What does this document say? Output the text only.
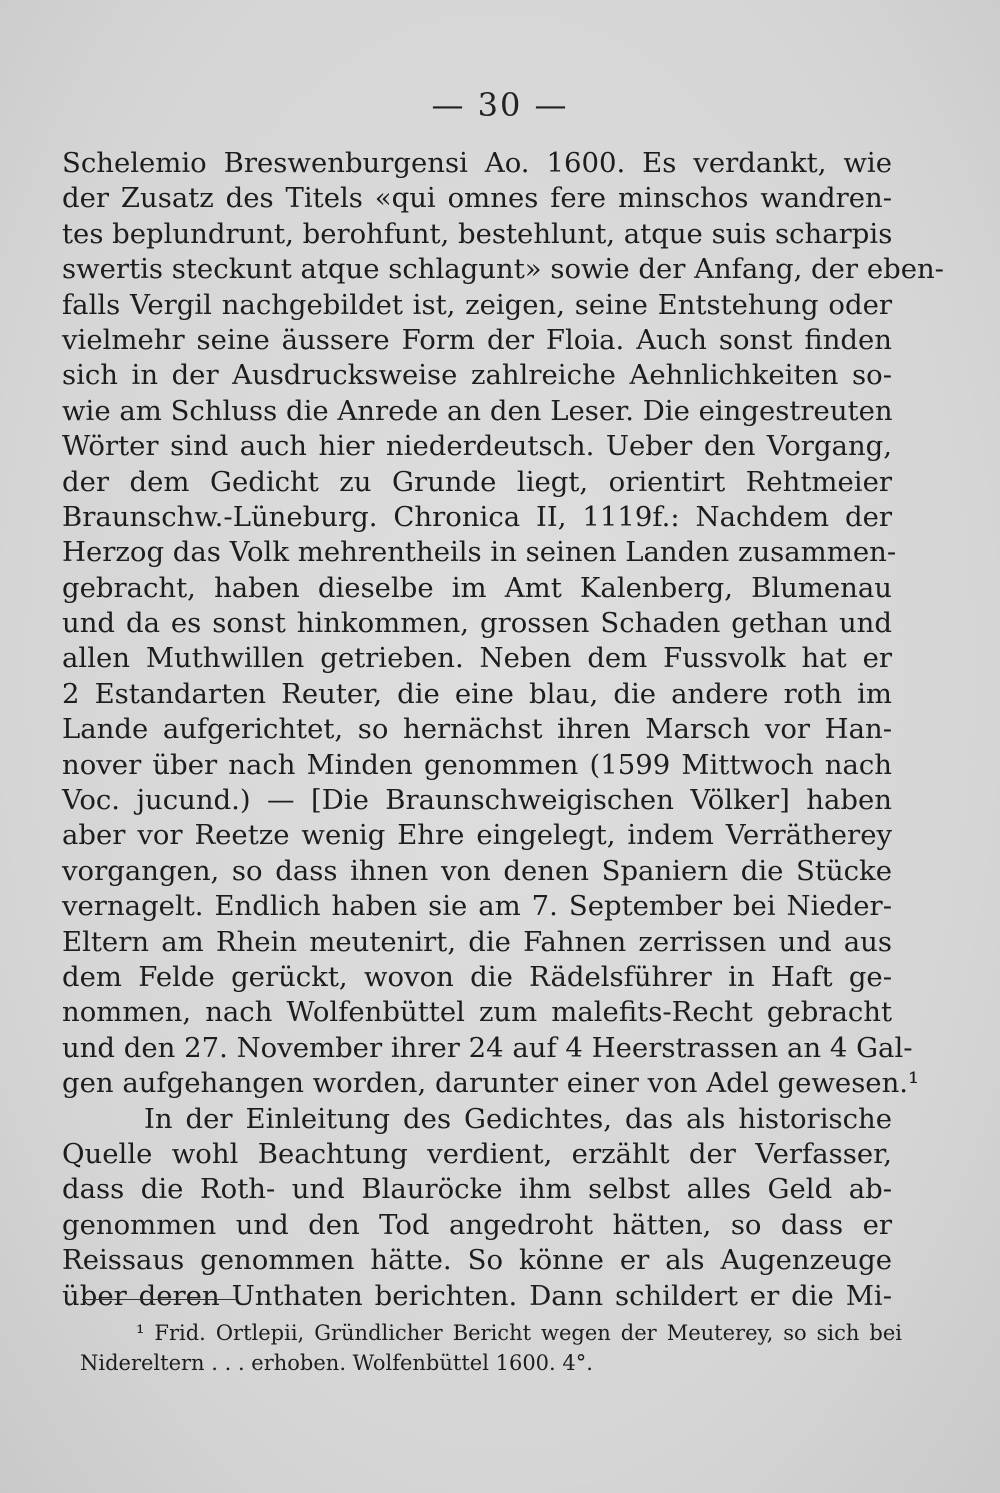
— 30 —
Schelemio Breswenburgensi Ao. 1600. Es verdankt, wie
der Zusatz des Titels «qui omnes fere minschos wandren-
tes beplundrunt, berohfunt, bestehlunt, atque suis scharpis
swertis steckunt atque schlagunt» sowie der Anfang, der eben-
falls Vergil nachgebildet ist, zeigen, seine Entstehung oder
vielmehr seine äussere Form der Floia. Auch sonst finden
sich in der Ausdrucksweise zahlreiche Aehnlichkeiten so-
wie am Schluss die Anrede an den Leser. Die eingestreuten
Wörter sind auch hier niederdeutsch. Ueber den Vorgang,
der dem Gedicht zu Grunde liegt, orientirt Rehtmeier
Braunschw.-Lüneburg. Chronica II, 1119f.: Nachdem der
Herzog das Volk mehrentheils in seinen Landen zusammen-
gebracht, haben dieselbe im Amt Kalenberg, Blumenau
und da es sonst hinkommen, grossen Schaden gethan und
allen Muthwillen getrieben. Neben dem Fussvolk hat er
2 Estandarten Reuter, die eine blau, die andere roth im
Lande aufgerichtet, so hernächst ihren Marsch vor Han-
nover über nach Minden genommen (1599 Mittwoch nach
Voc. jucund.) — [Die Braunschweigischen Völker] haben
aber vor Reetze wenig Ehre eingelegt, indem Verrätherey
vorgangen, so dass ihnen von denen Spaniern die Stücke
vernagelt. Endlich haben sie am 7. September bei Nieder-
Eltern am Rhein meutenirt, die Fahnen zerrissen und aus
dem Felde gerückt, wovon die Rädelsführer in Haft ge-
nommen, nach Wolfenbüttel zum malefits-Recht gebracht
und den 27. November ihrer 24 auf 4 Heerstrassen an 4 Gal-
gen aufgehangen worden, darunter einer von Adel gewesen.¹
In der Einleitung des Gedichtes, das als historische
Quelle wohl Beachtung verdient, erzählt der Verfasser,
dass die Roth- und Blauröcke ihm selbst alles Geld ab-
genommen und den Tod angedroht hätten, so dass er
Reissaus genommen hätte. So könne er als Augenzeuge
über deren Unthaten berichten. Dann schildert er die Mi-
¹ Frid. Ortlepii, Gründlicher Bericht wegen der Meuterey, so sich bei
Nidereltern . . . erhoben. Wolfenbüttel 1600. 4°.
